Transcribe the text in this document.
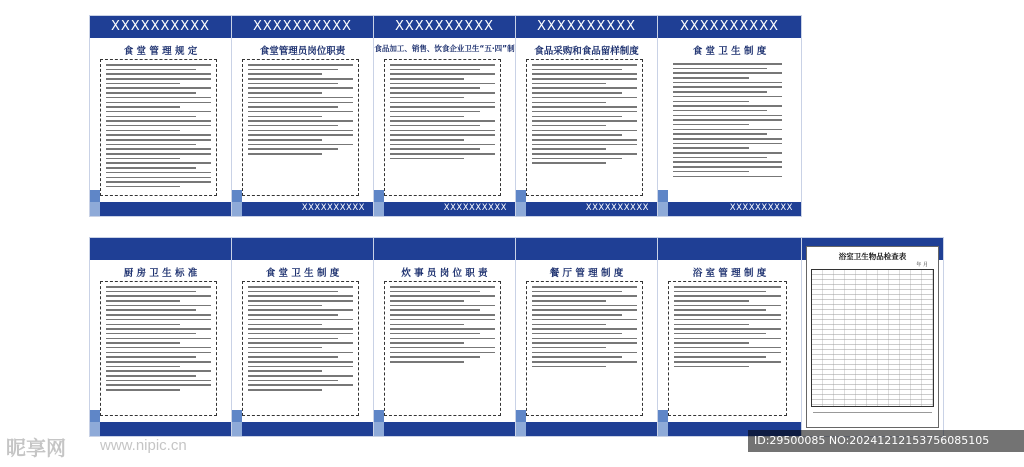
XXXXXXXXXX
食 堂 管 理 规 定
XXXXXXXXXX
食堂管理员岗位职责
XXXXXXXXXX
XXXXXXXXXX
食品加工、销售、饮食企业卫生“五·四”制
XXXXXXXXXX
XXXXXXXXXX
食品采购和食品留样制度
XXXXXXXXXX
XXXXXXXXXX
食 堂 卫 生 制 度
XXXXXXXXXX
厨 房 卫 生 标 准	食 堂 卫 生 制 度	炊 事 员 岗 位 职 责	餐 厅 管 理 制 度	浴 室 管 理 制 度
浴室卫生物品检查表
年 月
昵享网 www.nipic.cn	ID:29500085 NO:20241212153756085105
